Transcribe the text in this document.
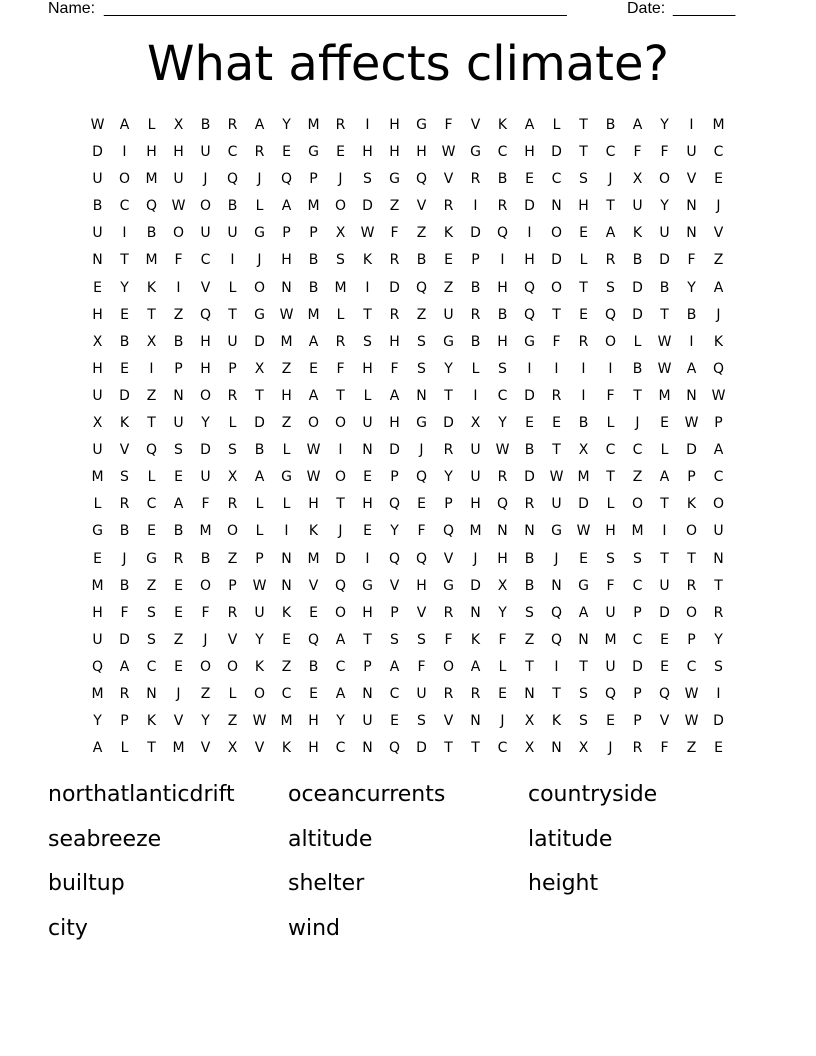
Name: ____________________________________________________	Date: _______
What affects climate?
W	A	L	X	B	R	A	Y	M	R	I	H	G	F	V	K	A	L	T	B	A	Y	I	M
D	I	H	H	U	C	R	E	G	E	H	H	H	W	G	C	H	D	T	C	F	F	U	C
U	O	M	U	J	Q	J	Q	P	J	S	G	Q	V	R	B	E	C	S	J	X	O	V	E
B	C	Q	W	O	B	L	A	M	O	D	Z	V	R	I	R	D	N	H	T	U	Y	N	J
U	I	B	O	U	U	G	P	P	X	W	F	Z	K	D	Q	I	O	E	A	K	U	N	V
N	T	M	F	C	I	J	H	B	S	K	R	B	E	P	I	H	D	L	R	B	D	F	Z
E	Y	K	I	V	L	O	N	B	M	I	D	Q	Z	B	H	Q	O	T	S	D	B	Y	A
H	E	T	Z	Q	T	G	W	M	L	T	R	Z	U	R	B	Q	T	E	Q	D	T	B	J
X	B	X	B	H	U	D	M	A	R	S	H	S	G	B	H	G	F	R	O	L	W	I	K
H	E	I	P	H	P	X	Z	E	F	H	F	S	Y	L	S	I	I	I	I	B	W	A	Q
U	D	Z	N	O	R	T	H	A	T	L	A	N	T	I	C	D	R	I	F	T	M	N	W
X	K	T	U	Y	L	D	Z	O	O	U	H	G	D	X	Y	E	E	B	L	J	E	W	P
U	V	Q	S	D	S	B	L	W	I	N	D	J	R	U	W	B	T	X	C	C	L	D	A
M	S	L	E	U	X	A	G	W	O	E	P	Q	Y	U	R	D	W	M	T	Z	A	P	C
L	R	C	A	F	R	L	L	H	T	H	Q	E	P	H	Q	R	U	D	L	O	T	K	O
G	B	E	B	M	O	L	I	K	J	E	Y	F	Q	M	N	N	G	W	H	M	I	O	U
E	J	G	R	B	Z	P	N	M	D	I	Q	Q	V	J	H	B	J	E	S	S	T	T	N
M	B	Z	E	O	P	W	N	V	Q	G	V	H	G	D	X	B	N	G	F	C	U	R	T
H	F	S	E	F	R	U	K	E	O	H	P	V	R	N	Y	S	Q	A	U	P	D	O	R
U	D	S	Z	J	V	Y	E	Q	A	T	S	S	F	K	F	Z	Q	N	M	C	E	P	Y
Q	A	C	E	O	O	K	Z	B	C	P	A	F	O	A	L	T	I	T	U	D	E	C	S
M	R	N	J	Z	L	O	C	E	A	N	C	U	R	R	E	N	T	S	Q	P	Q	W	I
Y	P	K	V	Y	Z	W	M	H	Y	U	E	S	V	N	J	X	K	S	E	P	V	W	D
A	L	T	M	V	X	V	K	H	C	N	Q	D	T	T	C	X	N	X	J	R	F	Z	E
northatlanticdrift	oceancurrents	countryside
seabreeze	altitude	latitude
builtup	shelter	height
city	wind
